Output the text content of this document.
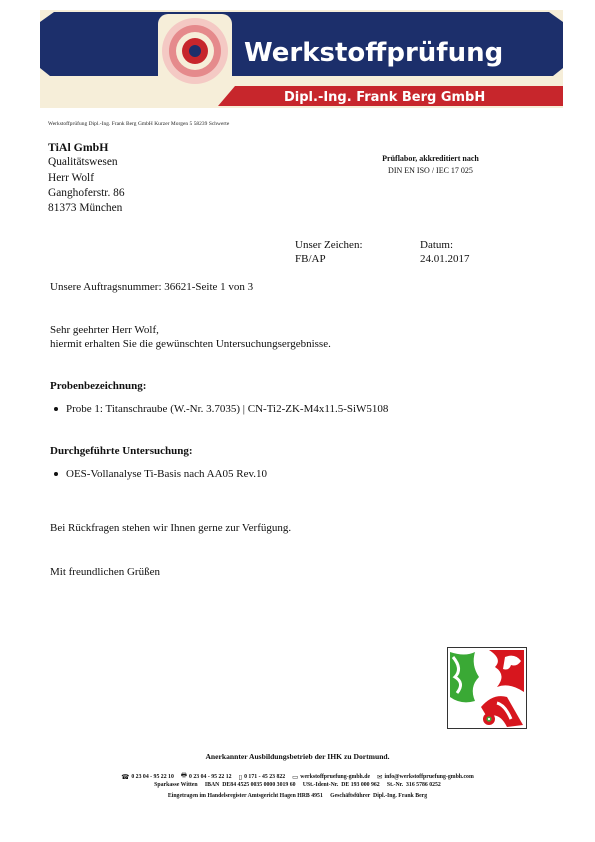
Werkstoffprüfung
Dipl.-Ing. Frank Berg GmbH
Werkstoffprüfung Dipl.-Ing. Frank Berg GmbH Kurzer Morgen 5 58239 Schwerte
TiAl GmbH
Qualitätswesen
Herr Wolf
Ganghoferstr. 86
81373 München
Prüflabor, akkreditiert nach
DIN EN ISO / IEC 17 025
Unser Zeichen:
FB/AP
Datum:
24.01.2017
Unsere Auftragsnummer: 36621-Seite 1 von 3
Sehr geehrter Herr Wolf,
hiermit erhalten Sie die gewünschten Untersuchungsergebnisse.
Probenbezeichnung:
Probe 1: Titanschraube (W.-Nr. 3.7035) | CN-Ti2-ZK-M4x11.5-SiW5108
Durchgeführte Untersuchung:
OES-Vollanalyse Ti-Basis nach AA05 Rev.10
Bei Rückfragen stehen wir Ihnen gerne zur Verfügung.
Mit freundlichen Grüßen
Anerkannter Ausbildungsbetrieb der IHK zu Dortmund.
☎ 0 23 04 - 95 22 10 🖶 0 23 04 - 95 22 12 ▯ 0 171 - 45 23 822 ▭ werkstoffpruefung-gmbh.de ✉ info@werkstoffpruefung-gmbh.com
Sparkasse Witten     IBAN  DE84 4525 0035 0000 3019 60     USt.-Ident-Nr.  DE 193 000 962     St.-Nr.  316 5786 0252
Eingetragen im Handelsregister Amtsgericht Hagen HRB 4951     Geschäftsführer  Dipl.-Ing. Frank Berg
